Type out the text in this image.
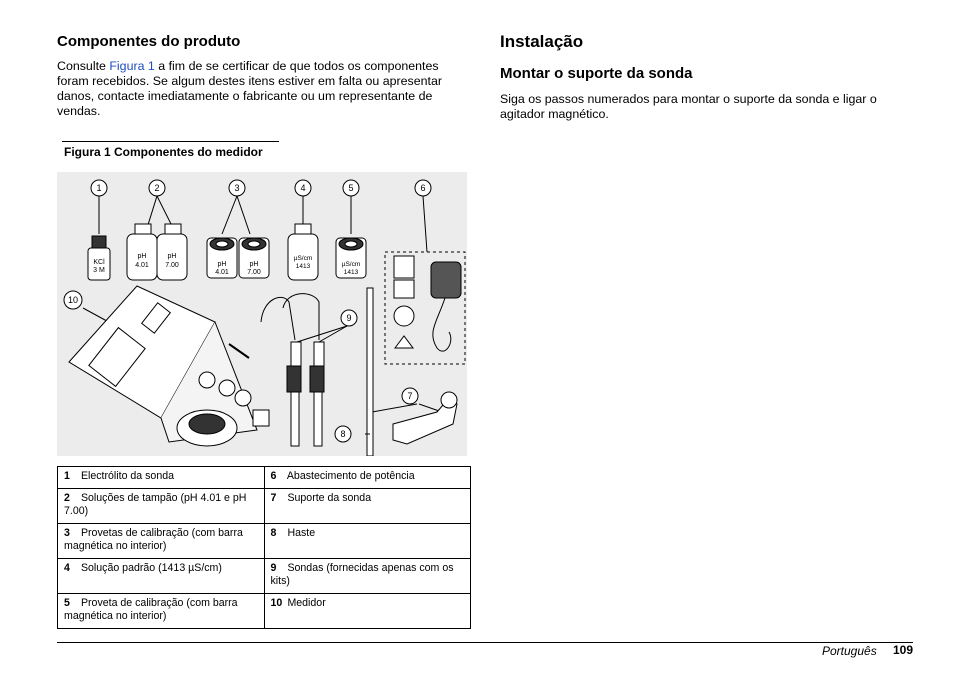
Componentes do produto

Consulte Figura 1 a fim de se certificar de que todos os componentes foram recebidos. Se algum destes itens estiver em falta ou apresentar danos, contacte imediatamente o fabricante ou um representante de vendas.

Figura 1 Componentes do medidor
KCl
3 M
pH
4.01
pH
7.00	pH
4.01
pH
7.00
µS/cm
1413	µS/cm
1413
1	2	3	4	5	6
7
8
9
10
1 Electrólito da sonda	6 Abastecimento de potência
2 Soluções de tampão (pH 4.01 e pH 7.00)	7 Suporte da sonda
3 Provetas de calibração (com barra magnética no interior)	8 Haste
4 Solução padrão (1413 µS/cm)	9 Sondas (fornecidas apenas com os kits)
5 Proveta de calibração (com barra magnética no interior)	10 Medidor
Instalação
Montar o suporte da sonda

Siga os passos numerados para montar o suporte da sonda e ligar o agitador magnético.

Português 109
